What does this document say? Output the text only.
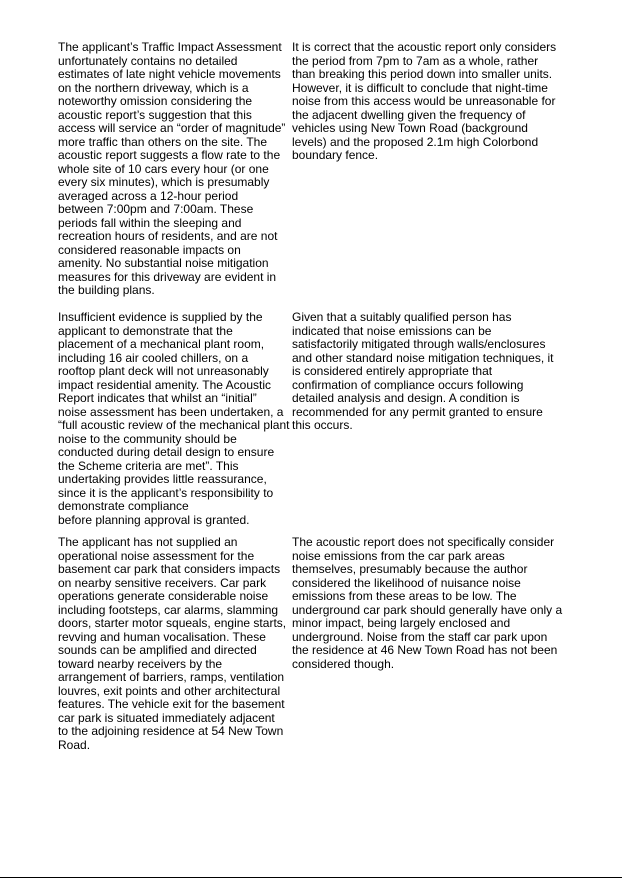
The applicant’s Traffic Impact Assessment
unfortunately contains no detailed
estimates of late night vehicle movements
on the northern driveway, which is a
noteworthy omission considering the
acoustic report’s suggestion that this
access will service an “order of magnitude”
more traffic than others on the site. The
acoustic report suggests a flow rate to the
whole site of 10 cars every hour (or one
every six minutes), which is presumably
averaged across a 12-hour period
between 7:00pm and 7:00am. These
periods fall within the sleeping and
recreation hours of residents, and are not
considered reasonable impacts on
amenity. No substantial noise mitigation
measures for this driveway are evident in
the building plans.

It is correct that the acoustic report only considers
the period from 7pm to 7am as a whole, rather
than breaking this period down into smaller units.
However, it is difficult to conclude that night-time
noise from this access would be unreasonable for
the adjacent dwelling given the frequency of
vehicles using New Town Road (background
levels) and the proposed 2.1m high Colorbond
boundary fence.

Insufficient evidence is supplied by the
applicant to demonstrate that the
placement of a mechanical plant room,
including 16 air cooled chillers, on a
rooftop plant deck will not unreasonably
impact residential amenity. The Acoustic
Report indicates that whilst an “initial”
noise assessment has been undertaken, a
“full acoustic review of the mechanical plant
noise to the community should be
conducted during detail design to ensure
the Scheme criteria are met”. This
undertaking provides little reassurance,
since it is the applicant’s responsibility to
demonstrate compliance
before planning approval is granted.

Given that a suitably qualified person has
indicated that noise emissions can be
satisfactorily mitigated through walls/enclosures
and other standard noise mitigation techniques, it
is considered entirely appropriate that
confirmation of compliance occurs following
detailed analysis and design. A condition is
recommended for any permit granted to ensure
this occurs.

The applicant has not supplied an
operational noise assessment for the
basement car park that considers impacts
on nearby sensitive receivers. Car park
operations generate considerable noise
including footsteps, car alarms, slamming
doors, starter motor squeals, engine starts,
revving and human vocalisation. These
sounds can be amplified and directed
toward nearby receivers by the
arrangement of barriers, ramps, ventilation
louvres, exit points and other architectural
features. The vehicle exit for the basement
car park is situated immediately adjacent
to the adjoining residence at 54 New Town
Road.

The acoustic report does not specifically consider
noise emissions from the car park areas
themselves, presumably because the author
considered the likelihood of nuisance noise
emissions from these areas to be low. The
underground car park should generally have only a
minor impact, being largely enclosed and
underground. Noise from the staff car park upon
the residence at 46 New Town Road has not been
considered though.
